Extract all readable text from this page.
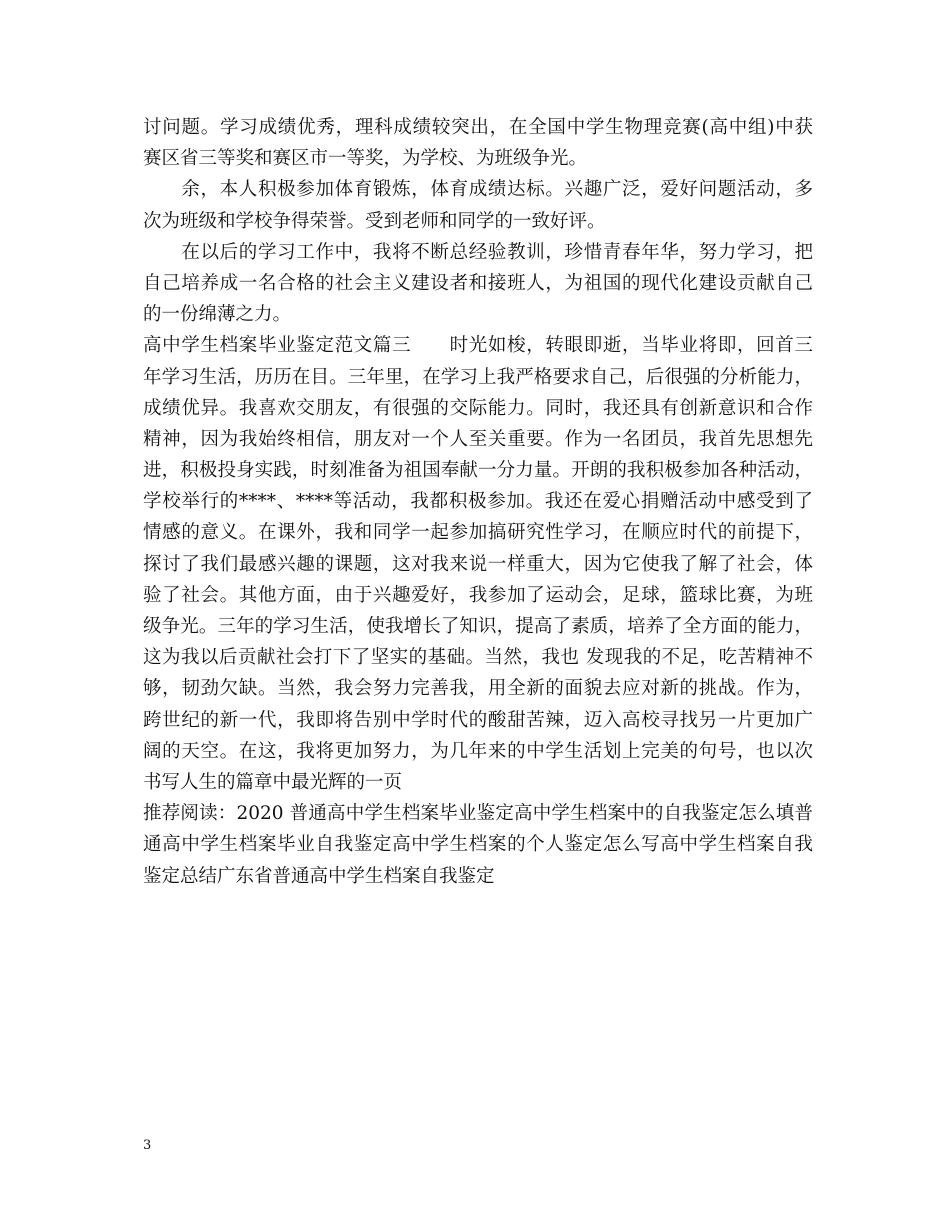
讨问题。学习成绩优秀，理科成绩较突出，在全国中学生物理竞赛(高中组)中获
赛区省三等奖和赛区市一等奖，为学校、为班级争光。
　　余，本人积极参加体育锻炼，体育成绩达标。兴趣广泛，爱好问题活动，多
次为班级和学校争得荣誉。受到老师和同学的一致好评。
　　在以后的学习工作中，我将不断总经验教训，珍惜青春年华，努力学习，把
自己培养成一名合格的社会主义建设者和接班人，为祖国的现代化建设贡献自己
的一份绵薄之力。
高中学生档案毕业鉴定范文篇三　　时光如梭，转眼即逝，当毕业将即，回首三
年学习生活，历历在目。三年里，在学习上我严格要求自己，后很强的分析能力，
成绩优异。我喜欢交朋友，有很强的交际能力。同时，我还具有创新意识和合作
精神，因为我始终相信，朋友对一个人至关重要。作为一名团员，我首先思想先
进，积极投身实践，时刻准备为祖国奉献一分力量。开朗的我积极参加各种活动，
学校举行的****、****等活动，我都积极参加。我还在爱心捐赠活动中感受到了
情感的意义。在课外，我和同学一起参加搞研究性学习，在顺应时代的前提下，
探讨了我们最感兴趣的课题，这对我来说一样重大，因为它使我了解了社会，体
验了社会。其他方面，由于兴趣爱好，我参加了运动会，足球，篮球比赛，为班
级争光。三年的学习生活，使我增长了知识，提高了素质，培养了全方面的能力，
这为我以后贡献社会打下了坚实的基础。当然，我也 发现我的不足，吃苦精神不
够，韧劲欠缺。当然，我会努力完善我，用全新的面貌去应对新的挑战。作为，
跨世纪的新一代，我即将告别中学时代的酸甜苦辣，迈入高校寻找另一片更加广
阔的天空。在这，我将更加努力，为几年来的中学生活划上完美的句号，也以次
书写人生的篇章中最光辉的一页
推荐阅读：2020 普通高中学生档案毕业鉴定高中学生档案中的自我鉴定怎么填普
通高中学生档案毕业自我鉴定高中学生档案的个人鉴定怎么写高中学生档案自我
鉴定总结广东省普通高中学生档案自我鉴定
3
